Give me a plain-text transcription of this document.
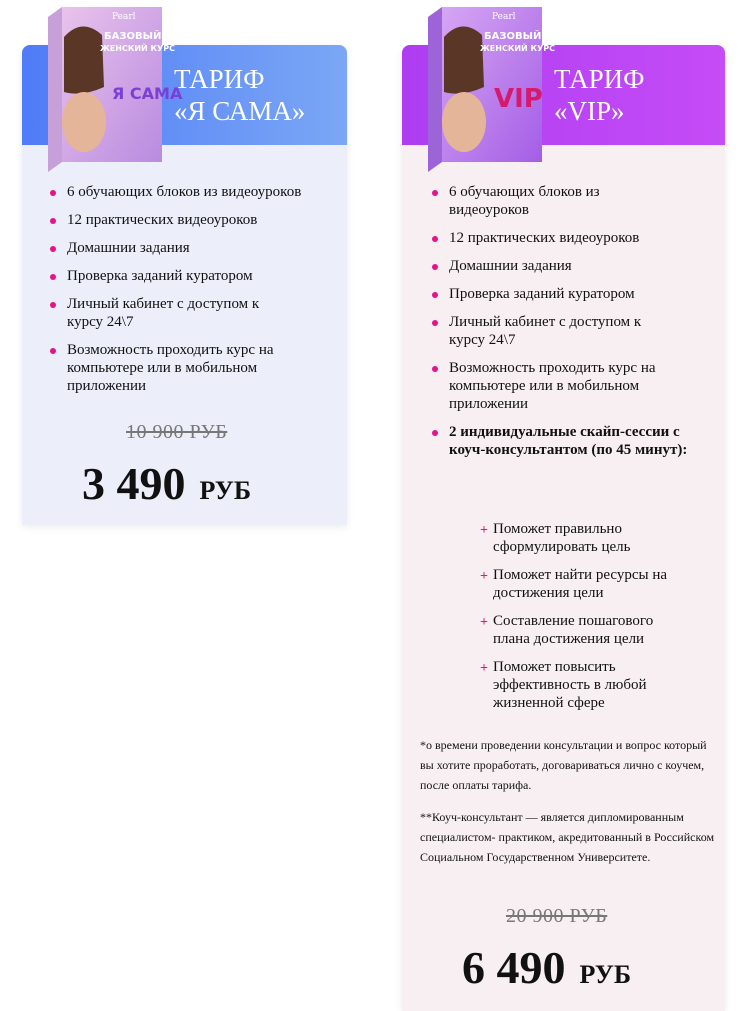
Pearl
БАЗОВЫЙ
ЖЕНСКИЙ КУРС
Я САМА
ТАРИФ
«Я САМА»
6 обучающих блоков из видеоуроков
12 практических видеоуроков
Домашнии задания
Проверка заданий куратором
Личный кабинет с доступом к курсу 24\7
Возможность проходить курс на компьютере или в мобильном приложении
10 900 РУБ
3 490 РУБ
Pearl
БАЗОВЫЙ
ЖЕНСКИЙ КУРС
VIP
ТАРИФ
«VIP»
6 обучающих блоков из видеоуроков
12 практических видеоуроков
Домашнии задания
Проверка заданий куратором
Личный кабинет с доступом к курсу 24\7
Возможность проходить курс на компьютере или в мобильном приложении
2 индивидуальные скайп-сессии с коуч-консультантом (по 45 минут):
+ Поможет правильно сформулировать цель
+ Поможет найти ресурсы на достижения цели
+ Составление пошагового плана достижения цели
+ Поможет повысить эффективность в любой жизненной сфере

*о времени проведении консультации и вопрос который вы хотите проработать, договариваться лично с коучем, после оплаты тарифа.

**Коуч-консультант — является дипломированным специалистом- практиком, акредитованный в Российском Социальном Государственном Университете.

20 900 РУБ
6 490 РУБ
